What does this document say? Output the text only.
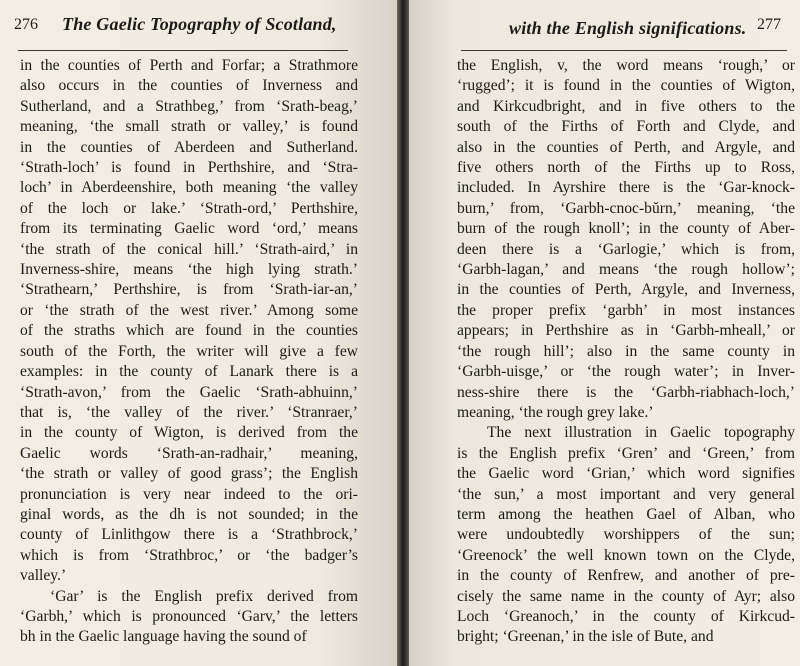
276 The Gaelic Topography of Scotland,
in the counties of Perth and Forfar; a Strathmore
also occurs in the counties of Inverness and
Sutherland, and a Strathbeg,’ from ‘Srath-beag,’
meaning, ‘the small strath or valley,’ is found
in the counties of Aberdeen and Sutherland.
‘Strath-loch’ is found in Perthshire, and ‘Stra-
loch’ in Aberdeenshire, both meaning ‘the valley
of the loch or lake.’ ‘Strath-ord,’ Perthshire,
from its terminating Gaelic word ‘ord,’ means
‘the strath of the conical hill.’ ‘Strath-aird,’ in
Inverness-shire, means ‘the high lying strath.’
‘Strathearn,’ Perthshire, is from ‘Srath-iar-an,’
or ‘the strath of the west river.’ Among some
of the straths which are found in the counties
south of the Forth, the writer will give a few
examples: in the county of Lanark there is a
‘Strath-avon,’ from the Gaelic ‘Srath-abhuinn,’
that is, ‘the valley of the river.’ ‘Stranraer,’
in the county of Wigton, is derived from the
Gaelic words ‘Srath-an-radhair,’ meaning,
‘the strath or valley of good grass’; the English
pronunciation is very near indeed to the ori-
ginal words, as the dh is not sounded; in the
county of Linlithgow there is a ‘Strathbrock,’
which is from ‘Strathbroc,’ or ‘the badger’s
valley.’
‘Gar’ is the English prefix derived from
‘Garbh,’ which is pronounced ‘Garv,’ the letters
bh in the Gaelic language having the sound of
with the English significations. 277
the English, v, the word means ‘rough,’ or
‘rugged’; it is found in the counties of Wigton,
and Kirkcudbright, and in five others to the
south of the Firths of Forth and Clyde, and
also in the counties of Perth, and Argyle, and
five others north of the Firths up to Ross,
included. In Ayrshire there is the ‘Gar-knock-
burn,’ from, ‘Garbh-cnoc-bŭrn,’ meaning, ‘the
burn of the rough knoll’; in the county of Aber-
deen there is a ‘Garlogie,’ which is from,
‘Garbh-lagan,’ and means ‘the rough hollow’;
in the counties of Perth, Argyle, and Inverness,
the proper prefix ‘garbh’ in most instances
appears; in Perthshire as in ‘Garbh-mheall,’ or
‘the rough hill’; also in the same county in
‘Garbh-uisge,’ or ‘the rough water’; in Inver-
ness-shire there is the ‘Garbh-riabhach-loch,’
meaning, ‘the rough grey lake.’
The next illustration in Gaelic topography
is the English prefix ‘Gren’ and ‘Green,’ from
the Gaelic word ‘Grian,’ which word signifies
‘the sun,’ a most important and very general
term among the heathen Gael of Alban, who
were undoubtedly worshippers of the sun;
‘Greenock’ the well known town on the Clyde,
in the county of Renfrew, and another of pre-
cisely the same name in the county of Ayr; also
Loch ‘Greanoch,’ in the county of Kirkcud-
bright; ‘Greenan,’ in the isle of Bute, and
